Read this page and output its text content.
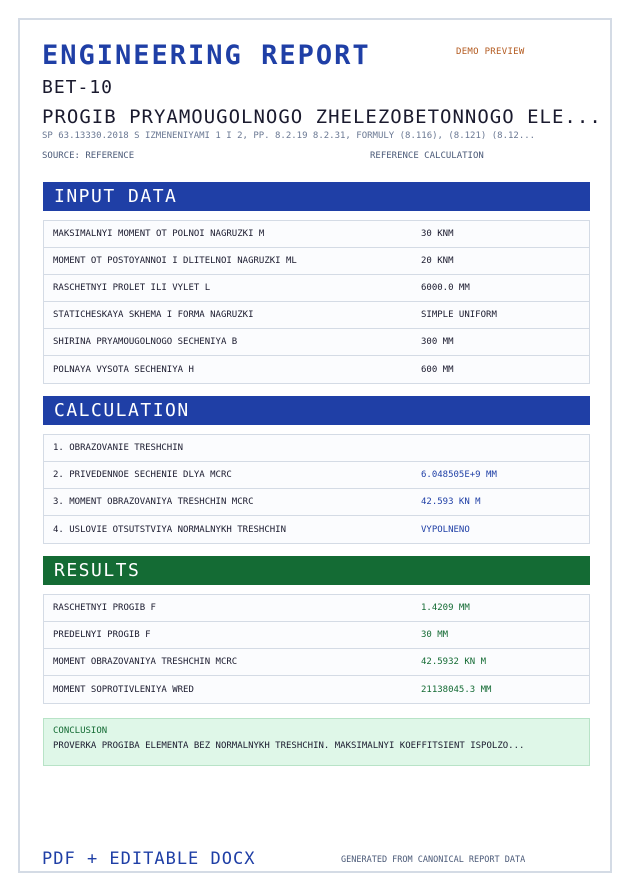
ENGINEERING REPORT	DEMO PREVIEW
BET-10
PROGIB PRYAMOUGOLNOGO ZHELEZOBETONNOGO ELE...
SP 63.13330.2018 S IZMENENIYAMI 1 I 2, PP. 8.2.19 8.2.31, FORMULY (8.116), (8.121) (8.12...
SOURCE: REFERENCE	REFERENCE CALCULATION
INPUT DATA
MAKSIMALNYI MOMENT OT POLNOI NAGRUZKI M	30 KNM
MOMENT OT POSTOYANNOI I DLITELNOI NAGRUZKI ML	20 KNM
RASCHETNYI PROLET ILI VYLET L	6000.0 MM
STATICHESKAYA SKHEMA I FORMA NAGRUZKI	SIMPLE UNIFORM
SHIRINA PRYAMOUGOLNOGO SECHENIYA B	300 MM
POLNAYA VYSOTA SECHENIYA H	600 MM
CALCULATION
1. OBRAZOVANIE TRESHCHIN
2. PRIVEDENNOE SECHENIE DLYA MCRC	6.048505E+9 MM
3. MOMENT OBRAZOVANIYA TRESHCHIN MCRC	42.593 KN M
4. USLOVIE OTSUTSTVIYA NORMALNYKH TRESHCHIN	VYPOLNENO
RESULTS
RASCHETNYI PROGIB F	1.4209 MM
PREDELNYI PROGIB F	30 MM
MOMENT OBRAZOVANIYA TRESHCHIN MCRC	42.5932 KN M
MOMENT SOPROTIVLENIYA WRED	21138045.3 MM
CONCLUSION
PROVERKA PROGIBA ELEMENTA BEZ NORMALNYKH TRESHCHIN. MAKSIMALNYI KOEFFITSIENT ISPOLZO...
PDF + EDITABLE DOCX	GENERATED FROM CANONICAL REPORT DATA
